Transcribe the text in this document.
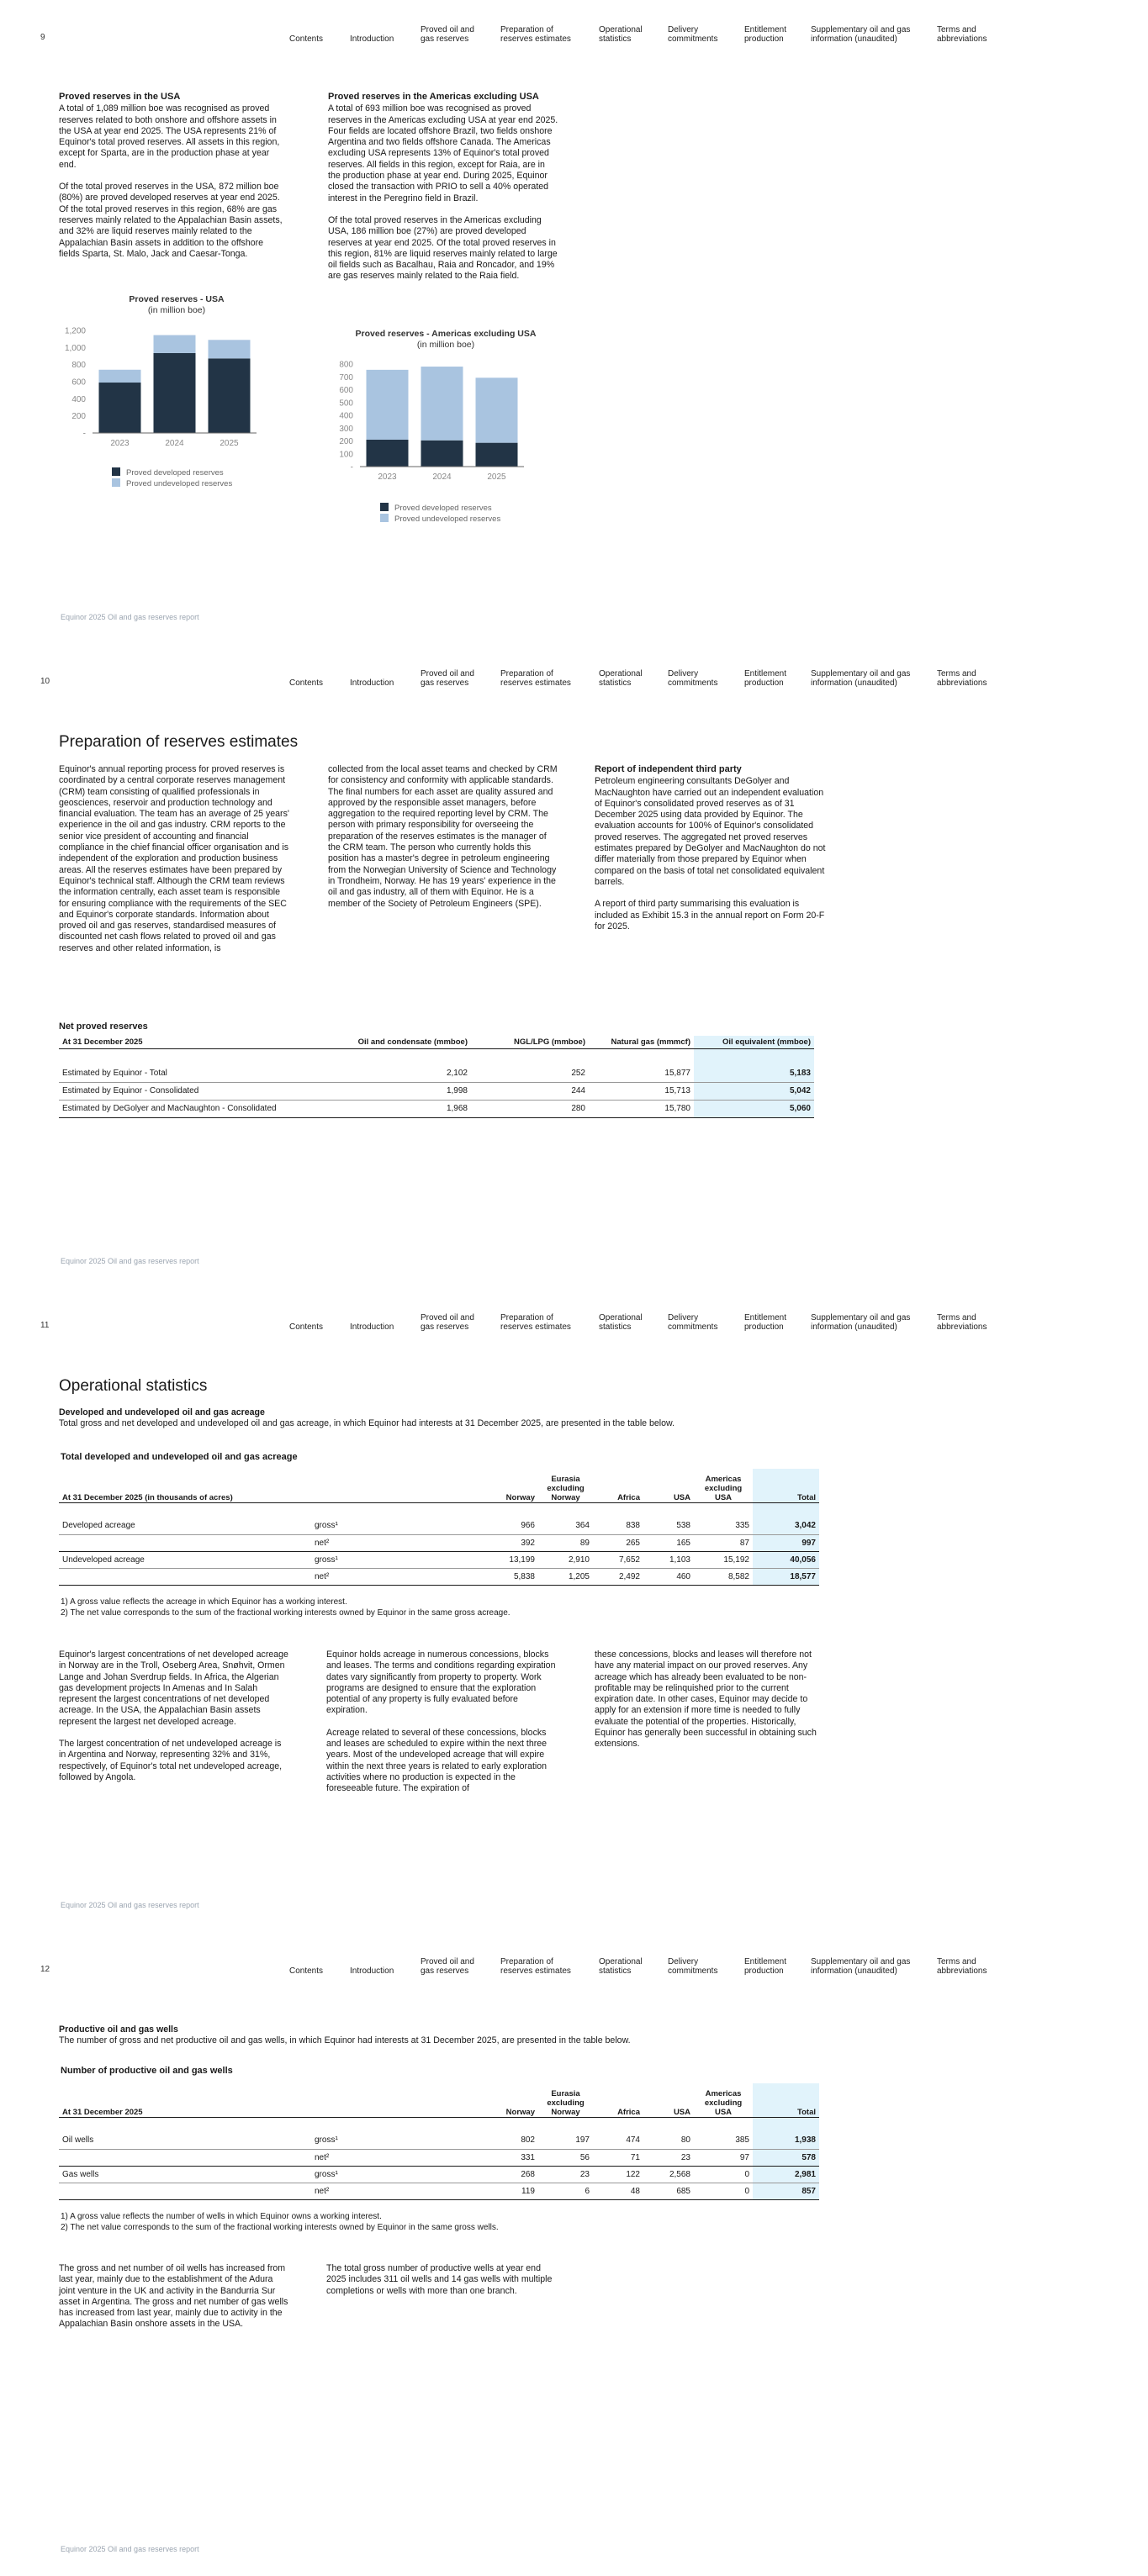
9	Contents	Introduction
Proved oil and
gas reserves
Preparation of
reserves estimates
Operational
statistics
Delivery
commitments
Entitlement
production
Supplementary oil and gas
information (unaudited)
Terms and
abbreviations
Proved reserves in the USA

A total of 1,089 million boe was recognised as proved reserves related to both onshore and offshore assets in the USA at year end 2025. The USA represents 21% of Equinor's total proved reserves. All assets in this region, except for Sparta, are in the production phase at year end.

Of the total proved reserves in the USA, 872 million boe (80%) are proved developed reserves at year end 2025. Of the total proved reserves in this region, 68% are gas reserves mainly related to the Appalachian Basin assets, and 32% are liquid reserves mainly related to the Appalachian Basin assets in addition to the offshore fields Sparta, St. Malo, Jack and Caesar-Tonga.

Proved reserves in the Americas excluding USA

A total of 693 million boe was recognised as proved reserves in the Americas excluding USA at year end 2025. Four fields are located offshore Brazil, two fields onshore Argentina and two fields offshore Canada. The Americas excluding USA represents 13% of Equinor's total proved reserves. All fields in this region, except for Raia, are in the production phase at year end. During 2025, Equinor closed the transaction with PRIO to sell a 40% operated interest in the Peregrino field in Brazil.

Of the total proved reserves in the Americas excluding USA, 186 million boe (27%) are proved developed reserves at year end 2025. Of the total proved reserves in this region, 81% are liquid reserves mainly related to large oil fields such as Bacalhau, Raia and Roncador, and 19% are gas reserves mainly related to the Raia field.

Proved reserves - USA
(in million boe)
-
200
400
600
800
1,000
1,200
2023	2024	2025
Proved developed reserves
Proved undeveloped reserves
Proved reserves - Americas excluding USA
(in million boe)
-
100
200
300
400
500
600
700
800
2023	2024	2025
Proved developed reserves
Proved undeveloped reserves
Equinor 2025 Oil and gas reserves report
10	Contents	Introduction
Proved oil and
gas reserves
Preparation of
reserves estimates
Operational
statistics
Delivery
commitments
Entitlement
production
Supplementary oil and gas
information (unaudited)
Terms and
abbreviations
Preparation of reserves estimates
Equinor's annual reporting process for proved reserves is coordinated by a central corporate reserves management (CRM) team consisting of qualified professionals in geosciences, reservoir and production technology and financial evaluation. The team has an average of 25 years' experience in the oil and gas industry. CRM reports to the senior vice president of accounting and financial compliance in the chief financial officer organisation and is independent of the exploration and production business areas. All the reserves estimates have been prepared by Equinor's technical staff. Although the CRM team reviews the information centrally, each asset team is responsible for ensuring compliance with the requirements of the SEC and Equinor's corporate standards. Information about proved oil and gas reserves, standardised measures of discounted net cash flows related to proved oil and gas reserves and other related information, is
collected from the local asset teams and checked by CRM for consistency and conformity with applicable standards. The final numbers for each asset are quality assured and approved by the responsible asset managers, before aggregation to the required reporting level by CRM. The person with primary responsibility for overseeing the preparation of the reserves estimates is the manager of the CRM team. The person who currently holds this position has a master's degree in petroleum engineering from the Norwegian University of Science and Technology in Trondheim, Norway. He has 19 years' experience in the oil and gas industry, all of them with Equinor. He is a member of the Society of Petroleum Engineers (SPE).
Report of independent third party

Petroleum engineering consultants DeGolyer and MacNaughton have carried out an independent evaluation of Equinor's consolidated proved reserves as of 31 December 2025 using data provided by Equinor. The evaluation accounts for 100% of Equinor's consolidated proved reserves. The aggregated net proved reserves estimates prepared by DeGolyer and MacNaughton do not differ materially from those prepared by Equinor when compared on the basis of total net consolidated equivalent barrels.

A report of third party summarising this evaluation is included as Exhibit 15.3 in the annual report on Form 20-F for 2025.

Net proved reserves
At 31 December 2025	Oil and condensate (mmboe)	NGL/LPG (mmboe)	Natural gas (mmmcf)	Oil equivalent (mmboe)

Estimated by Equinor - Total	2,102	252	15,877	5,183
Estimated by Equinor - Consolidated	1,998	244	15,713	5,042
Estimated by DeGolyer and MacNaughton - Consolidated	1,968	280	15,780	5,060
Equinor 2025 Oil and gas reserves report
11	Contents	Introduction
Proved oil and
gas reserves
Preparation of
reserves estimates
Operational
statistics
Delivery
commitments
Entitlement
production
Supplementary oil and gas
information (unaudited)
Terms and
abbreviations
Operational statistics
Developed and undeveloped oil and gas acreage
Total gross and net developed and undeveloped oil and gas acreage, in which Equinor had interests at 31 December 2025, are presented in the table below.
Total developed and undeveloped oil and gas acreage
At 31 December 2025 (in thousands of acres)		Norway	Eurasia
excluding
Norway	Africa	USA	Americas
excluding
USA	Total

Developed acreage	gross¹	966	364	838	538	335	3,042
	net²	392	89	265	165	87	997
Undeveloped acreage	gross¹	13,199	2,910	7,652	1,103	15,192	40,056
	net²	5,838	1,205	2,492	460	8,582	18,577
1) A gross value reflects the acreage in which Equinor has a working interest.
2) The net value corresponds to the sum of the fractional working interests owned by Equinor in the same gross acreage.

Equinor's largest concentrations of net developed acreage in Norway are in the Troll, Oseberg Area, Snøhvit, Ormen Lange and Johan Sverdrup fields. In Africa, the Algerian gas development projects In Amenas and In Salah represent the largest concentrations of net developed acreage. In the USA, the Appalachian Basin assets represent the largest net developed acreage.

The largest concentration of net undeveloped acreage is in Argentina and Norway, representing 32% and 31%, respectively, of Equinor's total net undeveloped acreage, followed by Angola.

Equinor holds acreage in numerous concessions, blocks and leases. The terms and conditions regarding expiration dates vary significantly from property to property. Work programs are designed to ensure that the exploration potential of any property is fully evaluated before expiration.

Acreage related to several of these concessions, blocks and leases are scheduled to expire within the next three years. Most of the undeveloped acreage that will expire within the next three years is related to early exploration activities where no production is expected in the foreseeable future. The expiration of

these concessions, blocks and leases will therefore not have any material impact on our proved reserves. Any acreage which has already been evaluated to be non-profitable may be relinquished prior to the current expiration date. In other cases, Equinor may decide to apply for an extension if more time is needed to fully evaluate the potential of the properties. Historically, Equinor has generally been successful in obtaining such extensions.

Equinor 2025 Oil and gas reserves report
12	Contents	Introduction
Proved oil and
gas reserves
Preparation of
reserves estimates
Operational
statistics
Delivery
commitments
Entitlement
production
Supplementary oil and gas
information (unaudited)
Terms and
abbreviations
Productive oil and gas wells
The number of gross and net productive oil and gas wells, in which Equinor had interests at 31 December 2025, are presented in the table below.
Number of productive oil and gas wells
At 31 December 2025		Norway	Eurasia
excluding
Norway	Africa	USA	Americas
excluding
USA	Total

Oil wells	gross¹	802	197	474	80	385	1,938
	net²	331	56	71	23	97	578
Gas wells	gross¹	268	23	122	2,568	0	2,981
	net²	119	6	48	685	0	857
1) A gross value reflects the number of wells in which Equinor owns a working interest.
2) The net value corresponds to the sum of the fractional working interests owned by Equinor in the same gross wells.
The gross and net number of oil wells has increased from last year, mainly due to the establishment of the Adura joint venture in the UK and activity in the Bandurria Sur asset in Argentina. The gross and net number of gas wells has increased from last year, mainly due to activity in the Appalachian Basin onshore assets in the USA.
The total gross number of productive wells at year end 2025 includes 311 oil wells and 14 gas wells with multiple completions or wells with more than one branch.
Equinor 2025 Oil and gas reserves report
